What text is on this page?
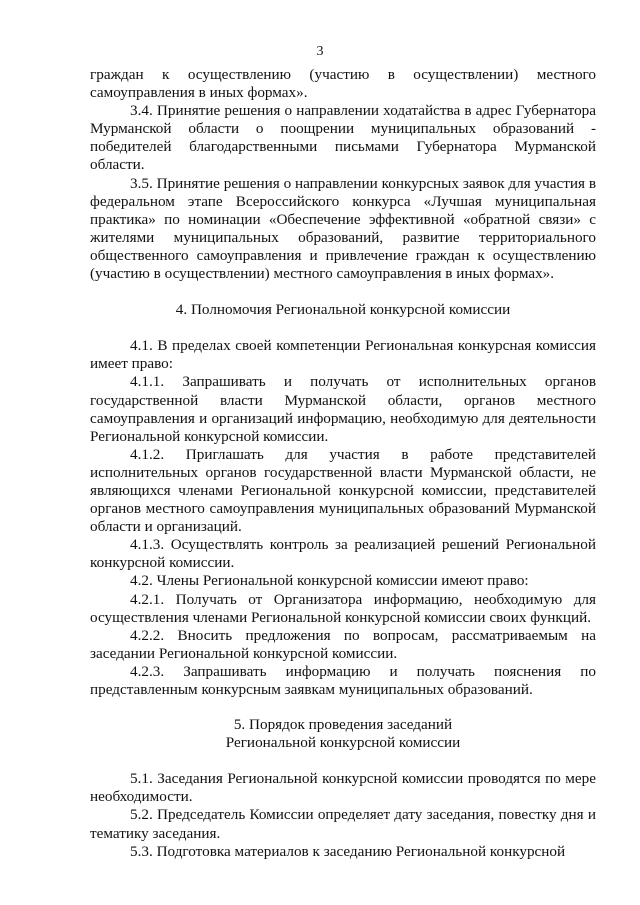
3

граждан к осуществлению (участию в осуществлении) местного самоуправления в иных формах».

3.4. Принятие решения о направлении ходатайства в адрес Губернатора Мурманской области о поощрении муниципальных образований - победителей благодарственными письмами Губернатора Мурманской области.

3.5. Принятие решения о направлении конкурсных заявок для участия в федеральном этапе Всероссийского конкурса «Лучшая муниципальная практика» по номинации «Обеспечение эффективной «обратной связи» с жителями муниципальных образований, развитие территориального общественного самоуправления и привлечение граждан к осуществлению (участию в осуществлении) местного самоуправления в иных формах».

4. Полномочия Региональной конкурсной комиссии

4.1. В пределах своей компетенции Региональная конкурсная комиссия имеет право:

4.1.1. Запрашивать и получать от исполнительных органов государственной власти Мурманской области, органов местного самоуправления и организаций информацию, необходимую для деятельности Региональной конкурсной комиссии.

4.1.2. Приглашать для участия в работе представителей исполнительных органов государственной власти Мурманской области, не являющихся членами Региональной конкурсной комиссии, представителей органов местного самоуправления муниципальных образований Мурманской области и организаций.

4.1.3. Осуществлять контроль за реализацией решений Региональной конкурсной комиссии.

4.2. Члены Региональной конкурсной комиссии имеют право:

4.2.1. Получать от Организатора информацию, необходимую для осуществления членами Региональной конкурсной комиссии своих функций.

4.2.2. Вносить предложения по вопросам, рассматриваемым на заседании Региональной конкурсной комиссии.

4.2.3. Запрашивать информацию и получать пояснения по представленным конкурсным заявкам муниципальных образований.

5. Порядок проведения заседаний

Региональной конкурсной комиссии

5.1. Заседания Региональной конкурсной комиссии проводятся по мере необходимости.

5.2. Председатель Комиссии определяет дату заседания, повестку дня и тематику заседания.

5.3. Подготовка материалов к заседанию Региональной конкурсной
